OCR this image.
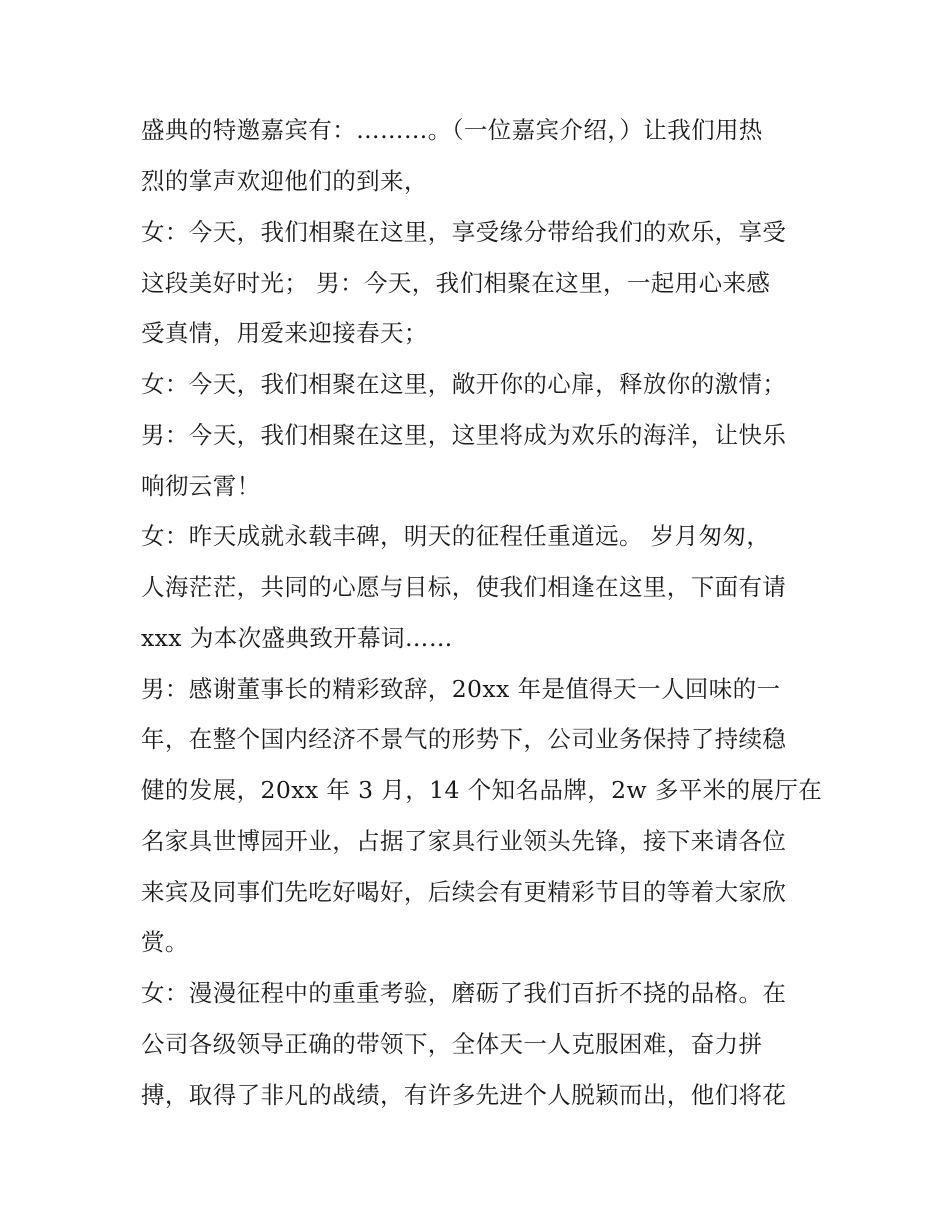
盛典的特邀嘉宾有：………。（一位嘉宾介绍，）让我们用热
烈的掌声欢迎他们的到来，
女：今天，我们相聚在这里，享受缘分带给我们的欢乐，享受
这段美好时光； 男：今天，我们相聚在这里，一起用心来感
受真情，用爱来迎接春天；
女：今天，我们相聚在这里，敞开你的心扉，释放你的激情；
男：今天，我们相聚在这里，这里将成为欢乐的海洋，让快乐
响彻云霄！
女：昨天成就永载丰碑，明天的征程任重道远。 岁月匆匆，
人海茫茫，共同的心愿与目标，使我们相逢在这里，下面有请
xxx 为本次盛典致开幕词……
男：感谢董事长的精彩致辞，20xx 年是值得天一人回味的一
年，在整个国内经济不景气的形势下，公司业务保持了持续稳
健的发展，20xx 年 3 月，14 个知名品牌，2w 多平米的展厅在
名家具世博园开业，占据了家具行业领头先锋，接下来请各位
来宾及同事们先吃好喝好，后续会有更精彩节目的等着大家欣
赏。
女：漫漫征程中的重重考验，磨砺了我们百折不挠的品格。在
公司各级领导正确的带领下，全体天一人克服困难，奋力拼
搏，取得了非凡的战绩，有许多先进个人脱颖而出，他们将花
